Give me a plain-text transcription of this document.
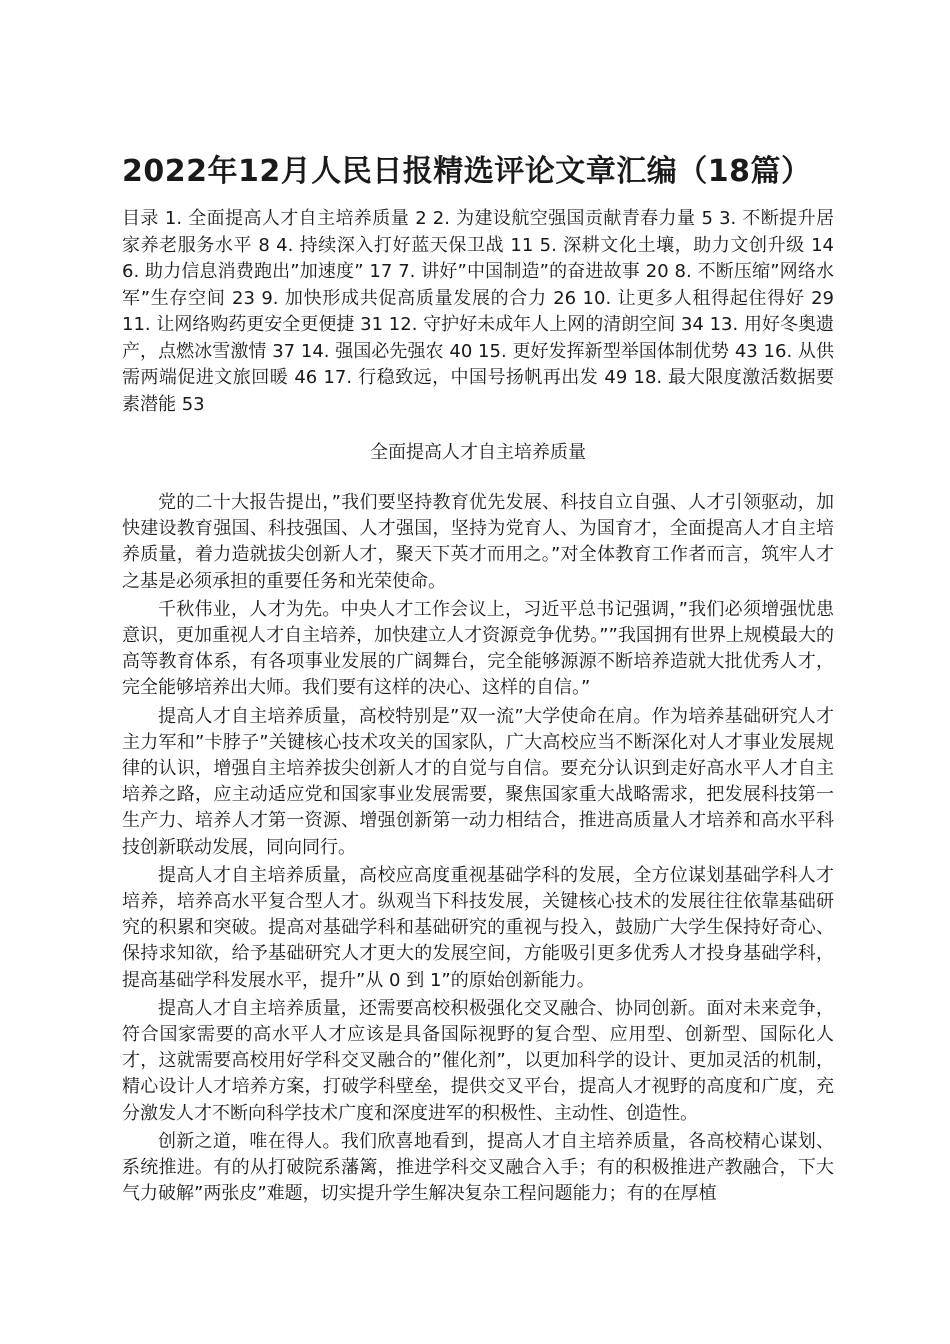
2022年12月人民日报精选评论文章汇编（18篇）

目录 1. 全面提高人才自主培养质量 2 2. 为建设航空强国贡献青春力量 5 3. 不断提升居家养老服务水平 8 4. 持续深入打好蓝天保卫战 11 5. 深耕文化土壤，助力文创升级 14 6. 助力信息消费跑出”加速度” 17 7. 讲好”中国制造”的奋进故事 20 8. 不断压缩”网络水军”生存空间 23 9. 加快形成共促高质量发展的合力 26 10. 让更多人租得起住得好 29 11. 让网络购药更安全更便捷 31 12. 守护好未成年人上网的清朗空间 34 13. 用好冬奥遗产，点燃冰雪激情 37 14. 强国必先强农 40 15. 更好发挥新型举国体制优势 43 16. 从供需两端促进文旅回暖 46 17. 行稳致远，中国号扬帆再出发 49 18. 最大限度激活数据要素潜能 53

全面提高人才自主培养质量

党的二十大报告提出，”我们要坚持教育优先发展、科技自立自强、人才引领驱动，加快建设教育强国、科技强国、人才强国，坚持为党育人、为国育才，全面提高人才自主培养质量，着力造就拔尖创新人才，聚天下英才而用之。”对全体教育工作者而言，筑牢人才之基是必须承担的重要任务和光荣使命。

千秋伟业，人才为先。中央人才工作会议上，习近平总书记强调，”我们必须增强忧患意识，更加重视人才自主培养，加快建立人才资源竞争优势。””我国拥有世界上规模最大的高等教育体系，有各项事业发展的广阔舞台，完全能够源源不断培养造就大批优秀人才，完全能够培养出大师。我们要有这样的决心、这样的自信。”

提高人才自主培养质量，高校特别是”双一流”大学使命在肩。作为培养基础研究人才主力军和”卡脖子”关键核心技术攻关的国家队，广大高校应当不断深化对人才事业发展规律的认识，增强自主培养拔尖创新人才的自觉与自信。要充分认识到走好高水平人才自主培养之路，应主动适应党和国家事业发展需要，聚焦国家重大战略需求，把发展科技第一生产力、培养人才第一资源、增强创新第一动力相结合，推进高质量人才培养和高水平科技创新联动发展，同向同行。

提高人才自主培养质量，高校应高度重视基础学科的发展，全方位谋划基础学科人才培养，培养高水平复合型人才。纵观当下科技发展，关键核心技术的发展往往依靠基础研究的积累和突破。提高对基础学科和基础研究的重视与投入，鼓励广大学生保持好奇心、保持求知欲，给予基础研究人才更大的发展空间，方能吸引更多优秀人才投身基础学科，提高基础学科发展水平，提升”从 0 到 1”的原始创新能力。

提高人才自主培养质量，还需要高校积极强化交叉融合、协同创新。面对未来竞争，符合国家需要的高水平人才应该是具备国际视野的复合型、应用型、创新型、国际化人才，这就需要高校用好学科交叉融合的”催化剂”，以更加科学的设计、更加灵活的机制，精心设计人才培养方案，打破学科壁垒，提供交叉平台，提高人才视野的高度和广度，充分激发人才不断向科学技术广度和深度进军的积极性、主动性、创造性。

创新之道，唯在得人。我们欣喜地看到，提高人才自主培养质量，各高校精心谋划、系统推进。有的从打破院系藩篱，推进学科交叉融合入手；有的积极推进产教融合，下大气力破解”两张皮”难题，切实提升学生解决复杂工程问题能力；有的在厚植
